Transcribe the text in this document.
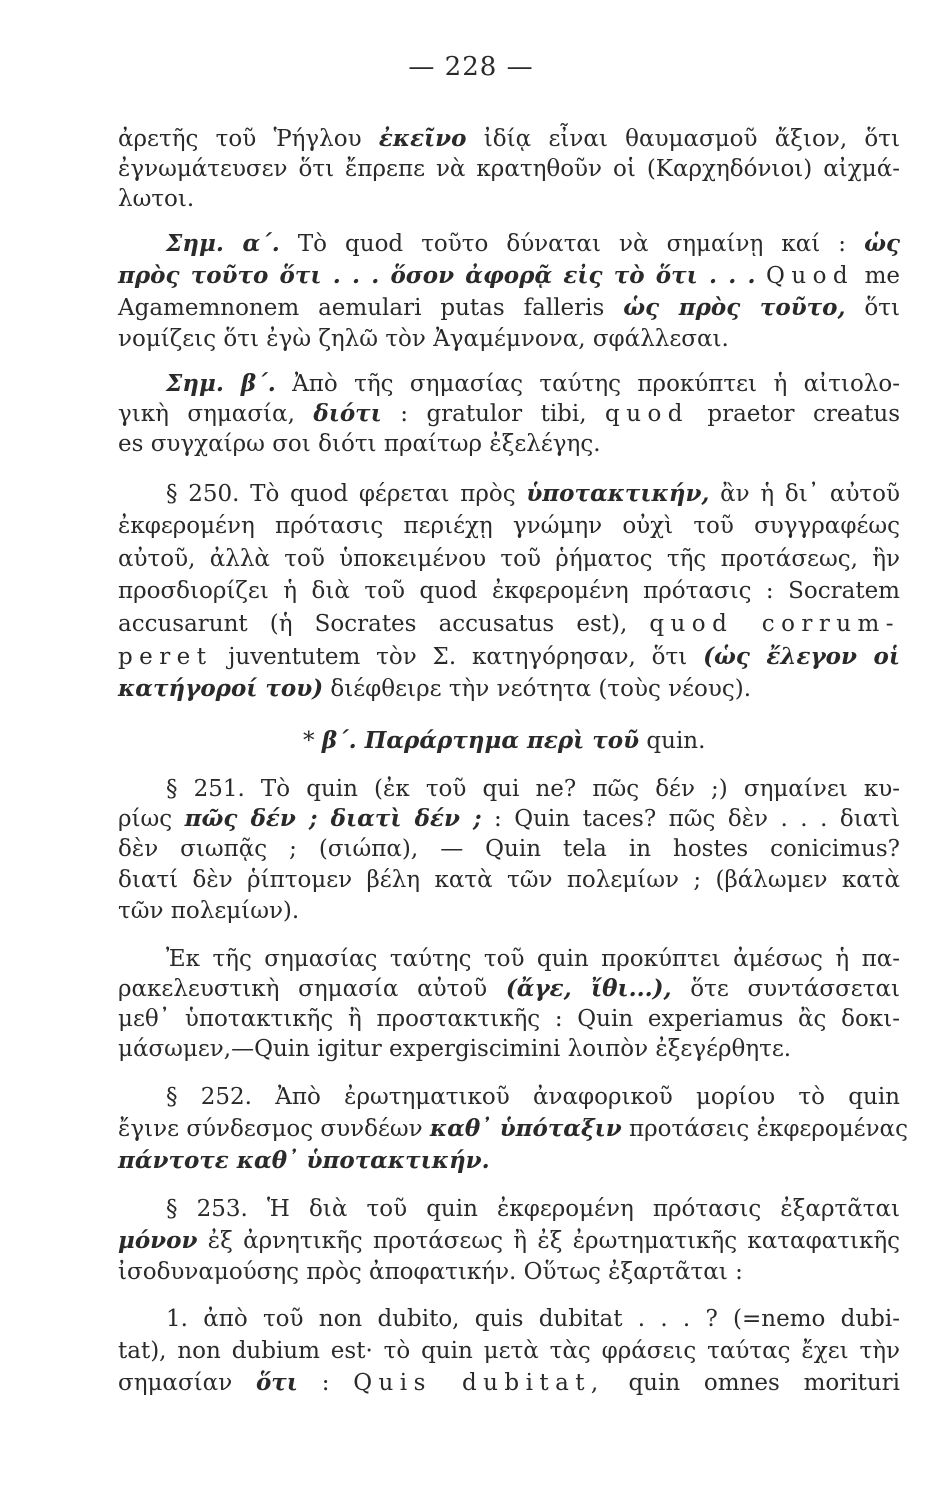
— 228 —
ἀρετῆς τοῦ Ῥήγλου ἐκεῖνο ἰδίᾳ εἶναι θαυμασμοῦ ἄξιον, ὅτι
ἐγνωμάτευσεν ὅτι ἔπρεπε νὰ κρατηθοῦν οἱ (Καρχηδόνιοι) αἰχμά-
λωτοι.
Σημ. α΄. Τὸ quod τοῦτο δύναται νὰ σημαίνῃ καί : ὡς
πρὸς τοῦτο ὅτι . . . ὅσον ἀφορᾷ εἰς τὸ ὅτι . . . Quod me
Agamemnonem aemulari putas falleris ὡς πρὸς τοῦτο, ὅτι
νομίζεις ὅτι ἐγὼ ζηλῶ τὸν Ἀγαμέμνονα, σφάλλεσαι.
Σημ. β΄. Ἀπὸ τῆς σημασίας ταύτης προκύπτει ἡ αἰτιολο-
γικὴ σημασία, διότι : gratulor tibi, quod praetor creatus
es συγχαίρω σοι διότι πραίτωρ ἐξελέγης.
§ 250. Τὸ quod φέρεται πρὸς ὑποτακτικήν, ἂν ἡ δι᾽ αὐτοῦ
ἐκφερομένη πρότασις περιέχῃ γνώμην οὐχὶ τοῦ συγγραφέως
αὐτοῦ, ἀλλὰ τοῦ ὑποκειμένου τοῦ ῥήματος τῆς προτάσεως, ἣν
προσδιορίζει ἡ διὰ τοῦ quod ἐκφερομένη πρότασις : Socratem
accusarunt (ἡ Socrates accusatus est), quod corrum-
peret juventutem τὸν Σ. κατηγόρησαν, ὅτι (ὡς ἔλεγον οἱ
κατήγοροί του) διέφθειρε τὴν νεότητα (τοὺς νέους).
* β΄. Παράρτημα περὶ τοῦ quin.
§ 251. Τὸ quin (ἐκ τοῦ qui ne? πῶς δέν ;) σημαίνει κυ-
ρίως πῶς δέν ; διατὶ δέν ; : Quin taces? πῶς δὲν . . . διατὶ
δὲν σιωπᾷς ; (σιώπα), — Quin tela in hostes conicimus?
διατί δὲν ῥίπτομεν βέλη κατὰ τῶν πολεμίων ; (βάλωμεν κατὰ
τῶν πολεμίων).
Ἐκ τῆς σημασίας ταύτης τοῦ quin προκύπτει ἀμέσως ἡ πα-
ρακελευστικὴ σημασία αὐτοῦ (ἄγε, ἴθι...), ὅτε συντάσσεται
μεθ᾽ ὑποτακτικῆς ἢ προστακτικῆς : Quin experiamus ἂς δοκι-
μάσωμεν,—Quin igitur expergiscimini λοιπὸν ἐξεγέρθητε.
§ 252. Ἀπὸ ἐρωτηματικοῦ ἀναφορικοῦ μορίου τὸ quin
ἔγινε σύνδεσμος συνδέων καθ᾽ ὑπόταξιν προτάσεις ἐκφερομένας
πάντοτε καθ᾽ ὑποτακτικήν.
§ 253. Ἡ διὰ τοῦ quin ἐκφερομένη πρότασις ἐξαρτᾶται
μόνον ἐξ ἀρνητικῆς προτάσεως ἢ ἐξ ἐρωτηματικῆς καταφατικῆς
ἰσοδυναμούσης πρὸς ἀποφατικήν. Οὕτως ἐξαρτᾶται :
1. ἀπὸ τοῦ non dubito, quis dubitat . . . ? (=nemo dubi-
tat), non dubium est· τὸ quin μετὰ τὰς φράσεις ταύτας ἔχει τὴν
σημασίαν ὅτι : Quis dubitat, quin omnes morituri
